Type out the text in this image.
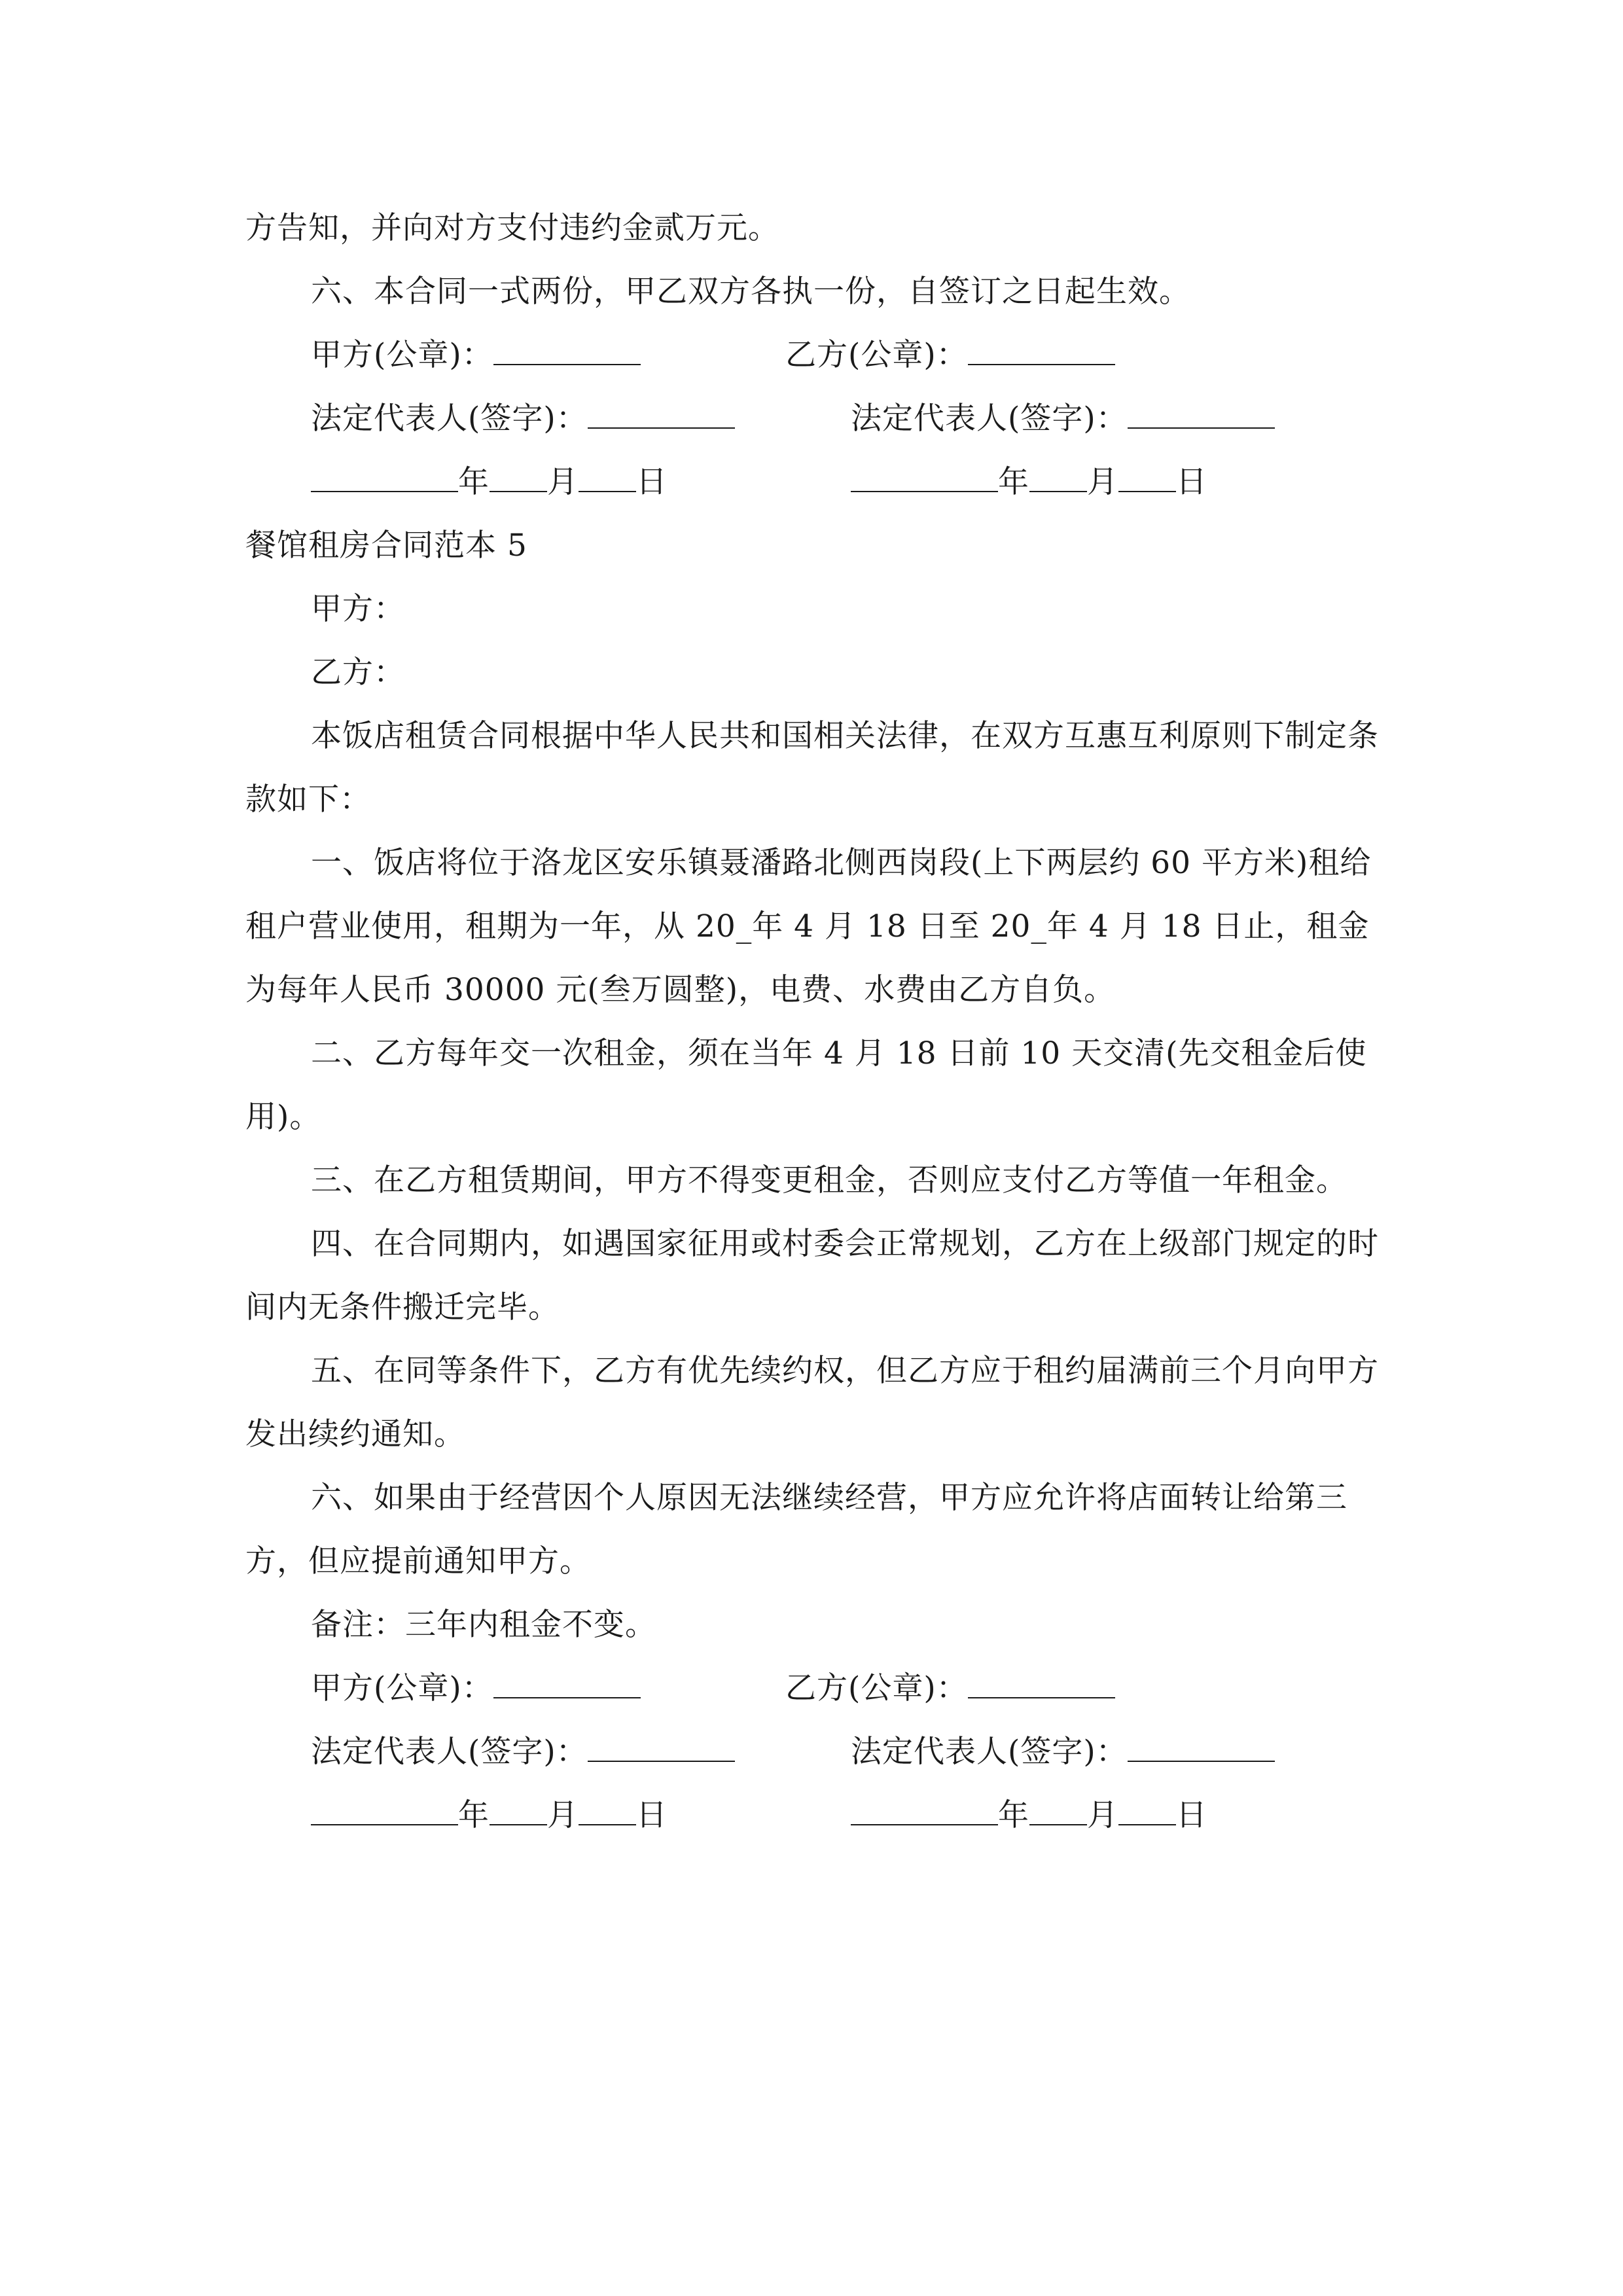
方告知，并向对方支付违约金贰万元。

六、本合同一式两份，甲乙双方各执一份，自签订之日起生效。

甲方(公章)：	乙方(公章)：
法定代表人(签字)：	法定代表人(签字)：
年 月 日	年 月 日

餐馆租房合同范本 5

甲方：

乙方：

本饭店租赁合同根据中华人民共和国相关法律，在双方互惠互利原则下制定条款如下：

一、饭店将位于洛龙区安乐镇聂潘路北侧西岗段(上下两层约 60 平方米)租给租户营业使用，租期为一年，从 20_年 4 月 18 日至 20_年 4 月 18 日止，租金为每年人民币 30000 元(叁万圆整)，电费、水费由乙方自负。

二、乙方每年交一次租金，须在当年 4 月 18 日前 10 天交清(先交租金后使用)。

三、在乙方租赁期间，甲方不得变更租金，否则应支付乙方等值一年租金。

四、在合同期内，如遇国家征用或村委会正常规划，乙方在上级部门规定的时间内无条件搬迁完毕。

五、在同等条件下，乙方有优先续约权，但乙方应于租约届满前三个月向甲方发出续约通知。

六、如果由于经营因个人原因无法继续经营，甲方应允许将店面转让给第三方，但应提前通知甲方。

备注：三年内租金不变。

甲方(公章)：	乙方(公章)：
法定代表人(签字)：	法定代表人(签字)：
年 月 日	年 月 日
